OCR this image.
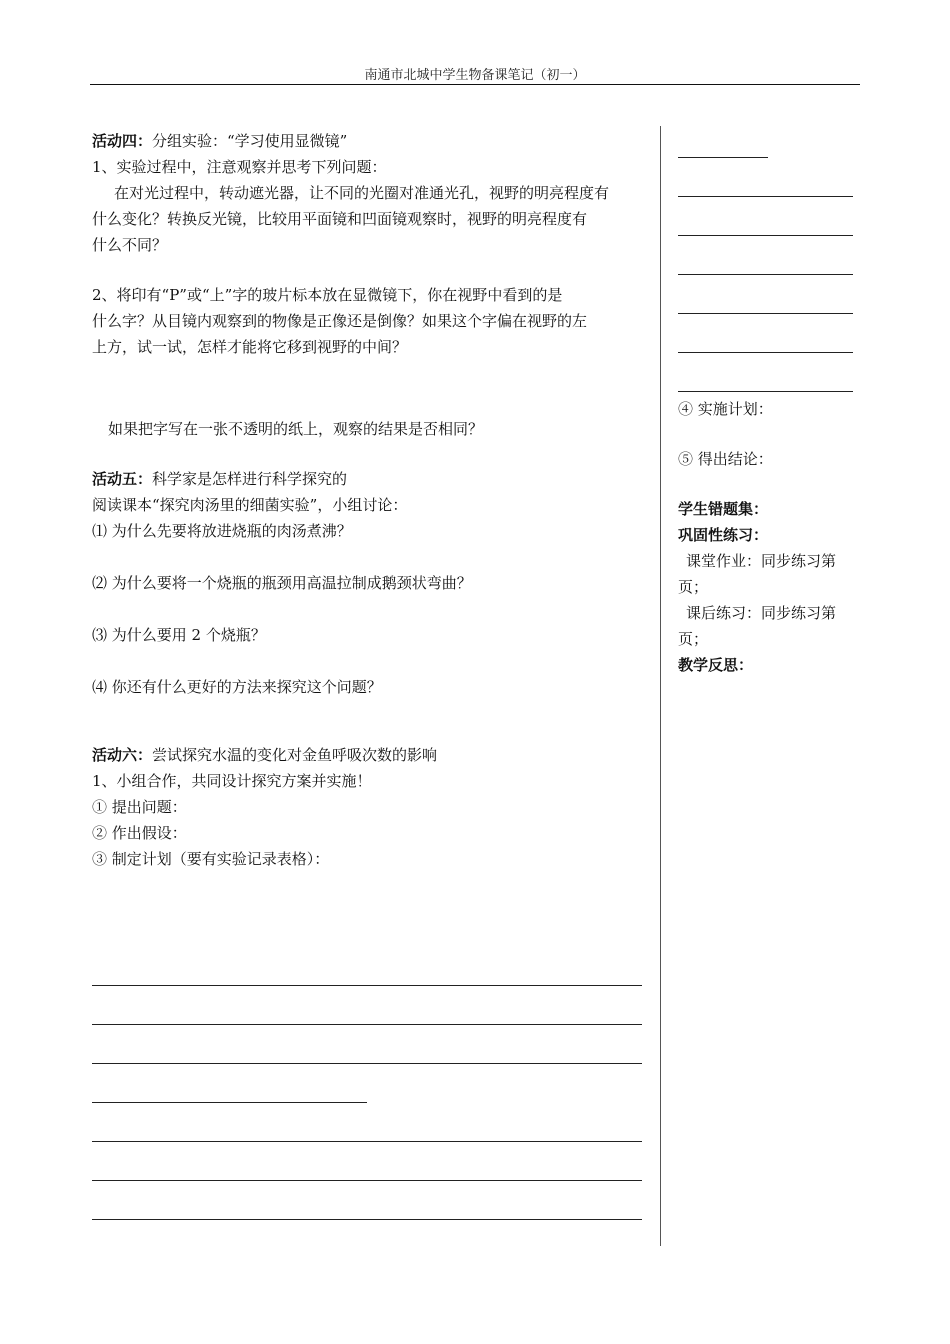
南通市北城中学生物备课笔记（初一）
活动四：分组实验：“学习使用显微镜”
1、实验过程中，注意观察并思考下列问题：
在对光过程中，转动遮光器，让不同的光圈对准通光孔，视野的明亮程度有
什么变化？转换反光镜，比较用平面镜和凹面镜观察时，视野的明亮程度有
什么不同？
2、将印有“P”或“上”字的玻片标本放在显微镜下，你在视野中看到的是
什么字？从目镜内观察到的物像是正像还是倒像？如果这个字偏在视野的左
上方，试一试，怎样才能将它移到视野的中间？
如果把字写在一张不透明的纸上，观察的结果是否相同？
活动五：科学家是怎样进行科学探究的
阅读课本“探究肉汤里的细菌实验”，小组讨论：
⑴ 为什么先要将放进烧瓶的肉汤煮沸？
⑵ 为什么要将一个烧瓶的瓶颈用高温拉制成鹅颈状弯曲？
⑶ 为什么要用 2 个烧瓶？
⑷ 你还有什么更好的方法来探究这个问题？
活动六：尝试探究水温的变化对金鱼呼吸次数的影响
1、小组合作，共同设计探究方案并实施！
① 提出问题：
② 作出假设：
③ 制定计划（要有实验记录表格）：
④ 实施计划：
⑤ 得出结论：
学生错题集：
巩固性练习：
课堂作业：同步练习第
页；
课后练习：同步练习第
页；
教学反思：
